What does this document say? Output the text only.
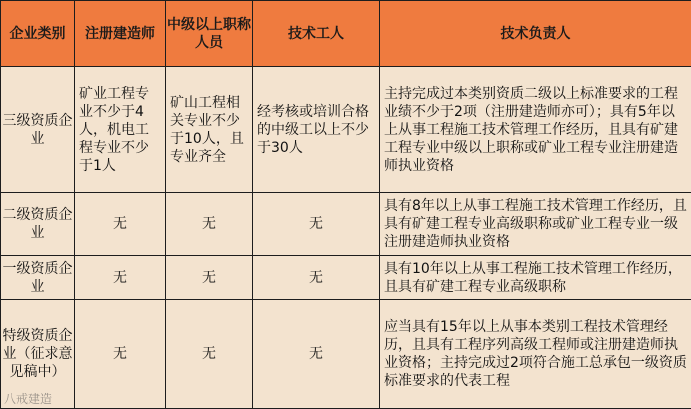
企业类别	注册建造师	中级以上职称人员	技术工人	技术负责人
三级资质企业	矿业工程专业不少于4人，机电工程专业不少于1人	矿山工程相关专业不少于10人，且专业齐全	经考核或培训合格的中级工以上不少于30人	主持完成过本类别资质二级以上标准要求的工程业绩不少于2项（注册建造师亦可）；具有5年以上从事工程施工技术管理工作经历，且具有矿建工程专业中级以上职称或矿业工程专业注册建造师执业资格
二级资质企业	无	无	无	具有8年以上从事工程施工技术管理工作经历，且具有矿建工程专业高级职称或矿业工程专业一级注册建造师执业资格
一级资质企业	无	无	无	具有10年以上从事工程施工技术管理工作经历，且具有矿建工程专业高级职称
特级资质企业（征求意见稿中）	无	无	无	应当具有15年以上从事本类别工程技术管理经历，且具有工程序列高级工程师或注册建造师执业资格；主持完成过2项符合施工总承包一级资质标准要求的代表工程
八戒建造
